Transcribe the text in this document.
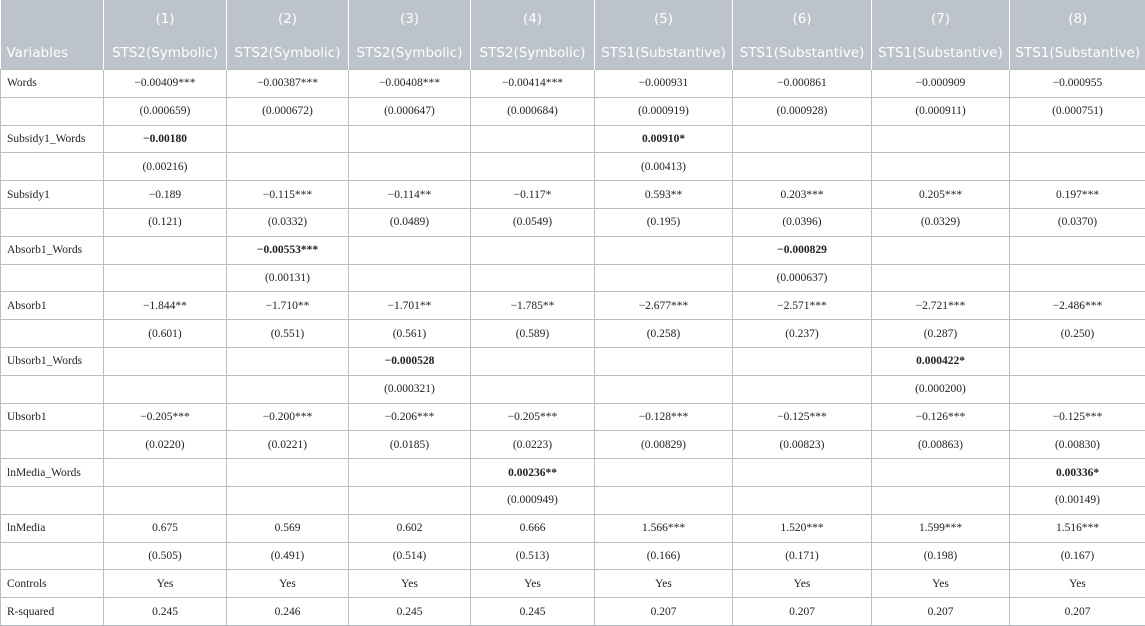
	(1)	(2)	(3)	(4)	(5)	(6)	(7)	(8)
Variables	STS2(Symbolic)	STS2(Symbolic)	STS2(Symbolic)	STS2(Symbolic)	STS1(Substantive)	STS1(Substantive)	STS1(Substantive)	STS1(Substantive)
Words	−0.00409***	−0.00387***	−0.00408***	−0.00414***	−0.000931	−0.000861	−0.000909	−0.000955
	(0.000659)	(0.000672)	(0.000647)	(0.000684)	(0.000919)	(0.000928)	(0.000911)	(0.000751)
Subsidy1_Words	−0.00180				0.00910*			
	(0.00216)				(0.00413)			
Subsidy1	−0.189	−0.115***	−0.114**	−0.117*	0.593**	0.203***	0.205***	0.197***
	(0.121)	(0.0332)	(0.0489)	(0.0549)	(0.195)	(0.0396)	(0.0329)	(0.0370)
Absorb1_Words		−0.00553***				−0.000829		
		(0.00131)				(0.000637)		
Absorb1	−1.844**	−1.710**	−1.701**	−1.785**	−2.677***	−2.571***	−2.721***	−2.486***
	(0.601)	(0.551)	(0.561)	(0.589)	(0.258)	(0.237)	(0.287)	(0.250)
Ubsorb1_Words			−0.000528				0.000422*	
			(0.000321)				(0.000200)	
Ubsorb1	−0.205***	−0.200***	−0.206***	−0.205***	−0.128***	−0.125***	−0.126***	−0.125***
	(0.0220)	(0.0221)	(0.0185)	(0.0223)	(0.00829)	(0.00823)	(0.00863)	(0.00830)
lnMedia_Words				0.00236**				0.00336*
				(0.000949)				(0.00149)
lnMedia	0.675	0.569	0.602	0.666	1.566***	1.520***	1.599***	1.516***
	(0.505)	(0.491)	(0.514)	(0.513)	(0.166)	(0.171)	(0.198)	(0.167)
Controls	Yes	Yes	Yes	Yes	Yes	Yes	Yes	Yes
R-squared	0.245	0.246	0.245	0.245	0.207	0.207	0.207	0.207
